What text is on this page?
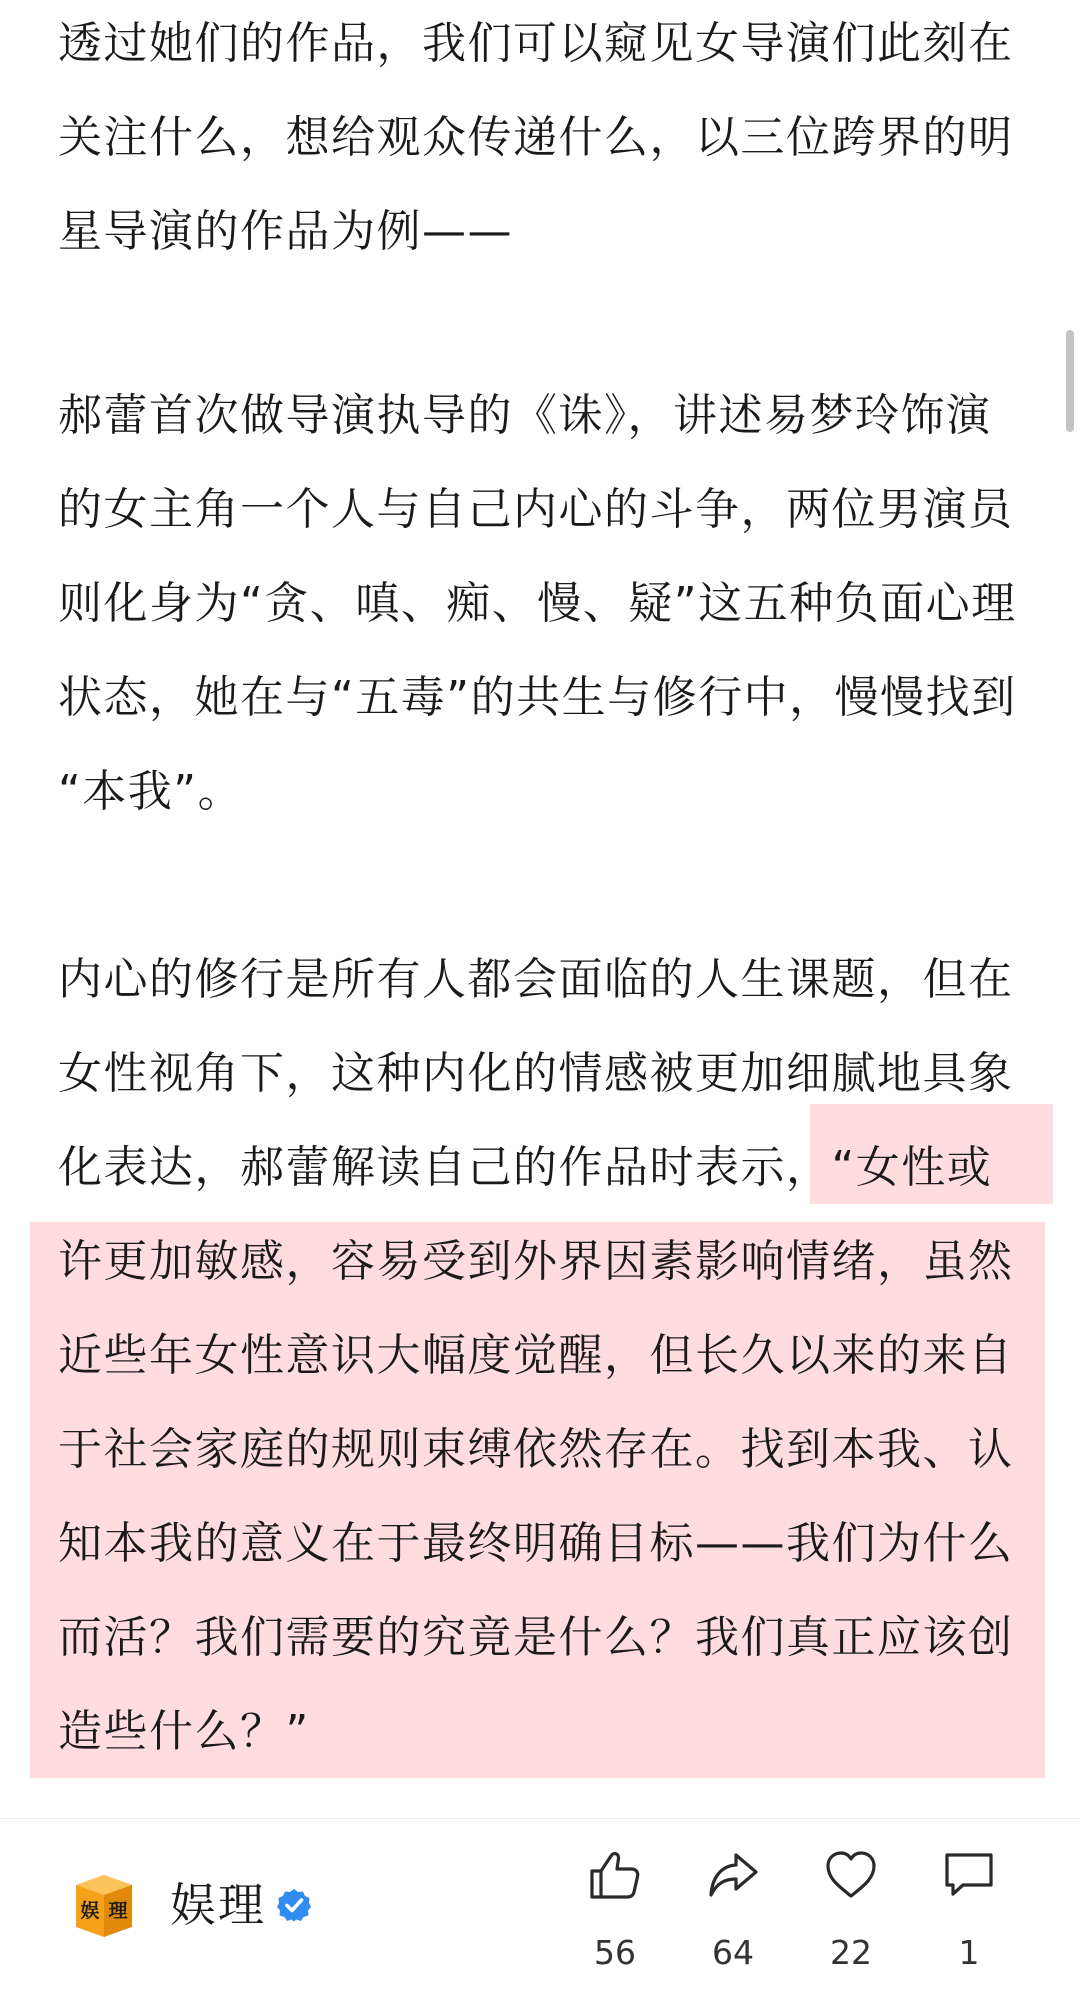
透过她们的作品，我们可以窥见女导演们此刻在
关注什么，想给观众传递什么，以三位跨界的明
星导演的作品为例——
郝蕾首次做导演执导的《诛》，讲述易梦玲饰演
的女主角一个人与自己内心的斗争，两位男演员
则化身为“贪、嗔、痴、慢、疑”这五种负面心理
状态，她在与“五毒”的共生与修行中，慢慢找到
“本我”。
内心的修行是所有人都会面临的人生课题，但在
女性视角下，这种内化的情感被更加细腻地具象
化表达，郝蕾解读自己的作品时表示，“女性或
许更加敏感，容易受到外界因素影响情绪，虽然
近些年女性意识大幅度觉醒，但长久以来的来自
于社会家庭的规则束缚依然存在。找到本我、认
知本我的意义在于最终明确目标——我们为什么
而活？我们需要的究竟是什么？我们真正应该创
造些什么？”
娱 理 娱理
56	64	22	1
